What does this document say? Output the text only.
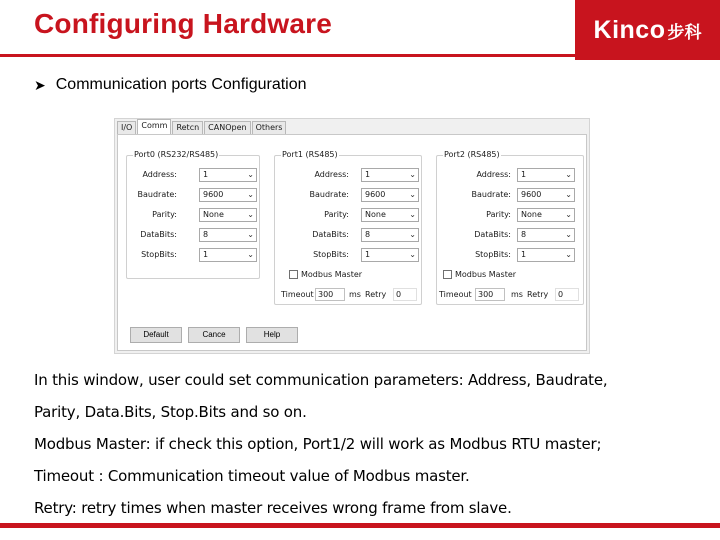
Configuring Hardware	Kinco 步科
➤ Communication ports Configuration
I/O	Comm	Retcn	CANOpen	Others
Port0 (RS232/RS485)
Address:	1	⌄
Baudrate:	9600	⌄
Parity:	None	⌄
DataBits:	8	⌄
StopBits:	1	⌄
Port1 (RS485)
Address:	1	⌄
Baudrate:	9600	⌄
Parity:	None	⌄
DataBits:	8	⌄
StopBits:	1	⌄
Modbus Master
Timeout 300	ms Retry	0
Port2 (RS485)
Address:	1	⌄
Baudrate:	9600	⌄
Parity:	None	⌄
DataBits:	8	⌄
StopBits:	1	⌄
Modbus Master
Timeout 300	ms Retry	0
Default	Cance	Help
In this window, user could set communication parameters: Address, Baudrate,
Parity, Data.Bits, Stop.Bits and so on.
Modbus Master: if check this option, Port1/2 will work as Modbus RTU master;
Timeout : Communication timeout value of Modbus master.
Retry: retry times when master receives wrong frame from slave.
